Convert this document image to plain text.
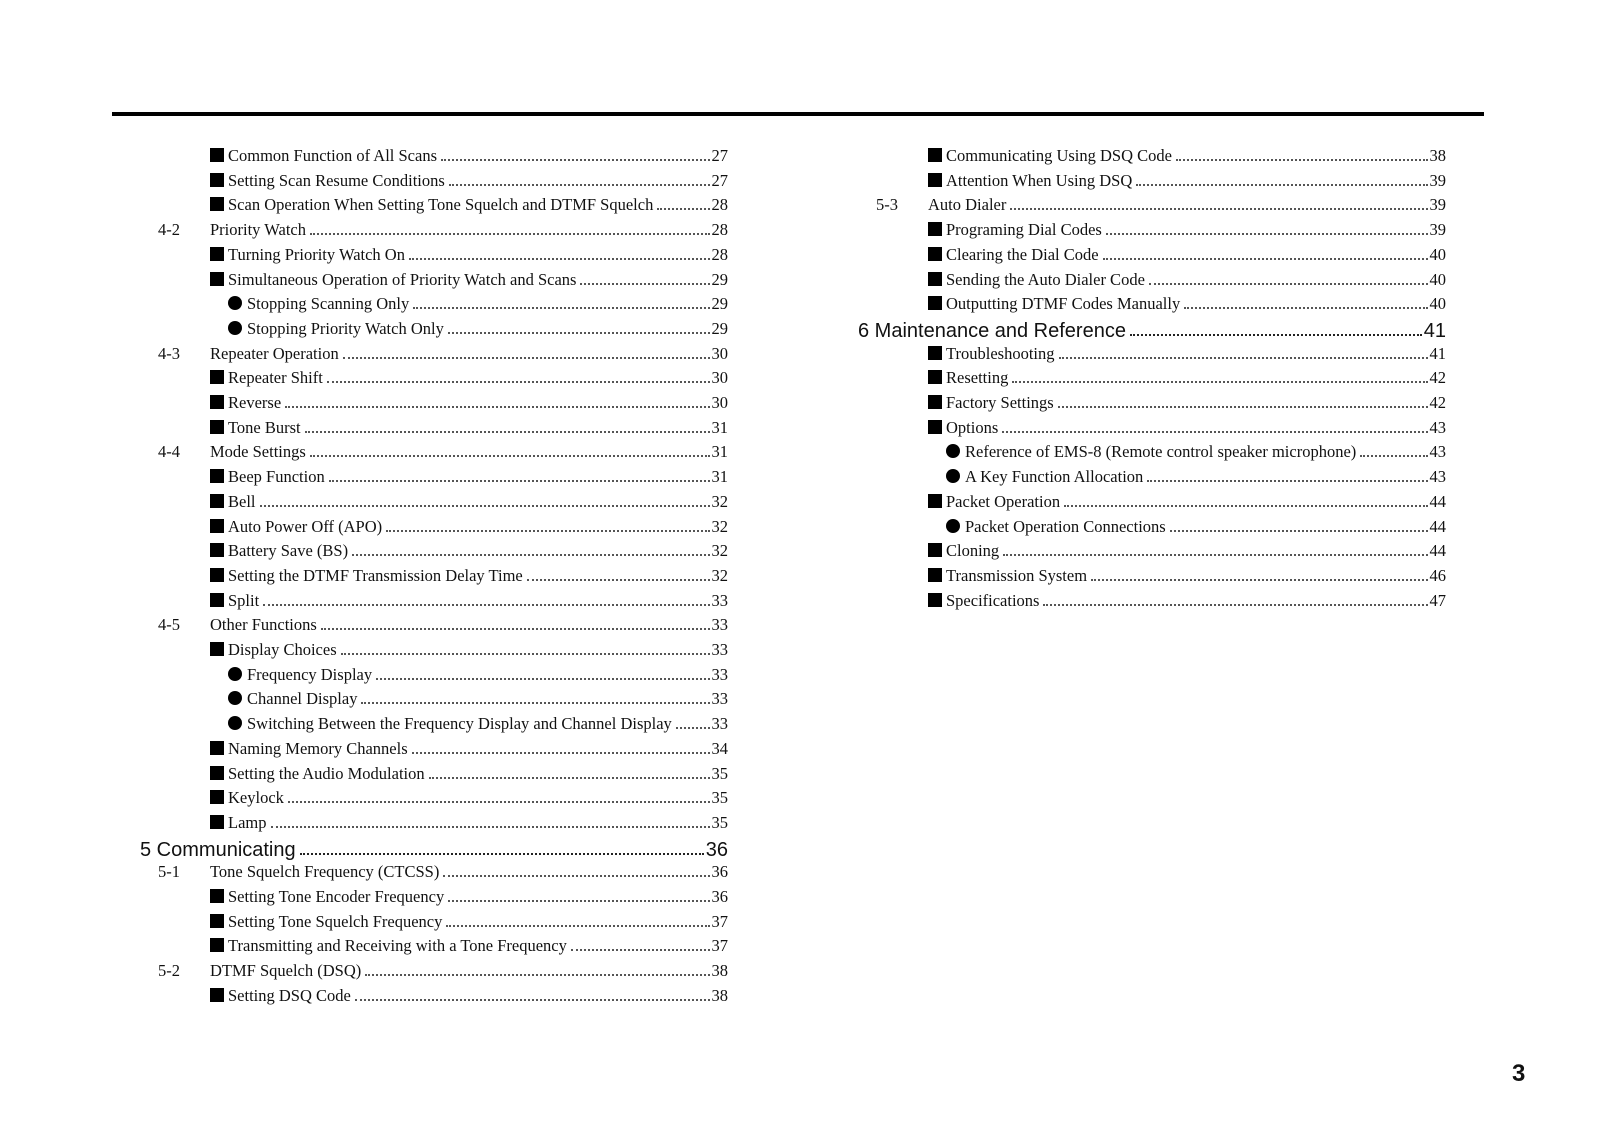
Common Function of All Scans	27
Setting Scan Resume Conditions	27
Scan Operation When Setting Tone Squelch and DTMF Squelch	28
4-2	Priority Watch	28
Turning Priority Watch On	28
Simultaneous Operation of Priority Watch and Scans	29
Stopping Scanning Only	29
Stopping Priority Watch Only	29
4-3	Repeater Operation	30
Repeater Shift	30
Reverse	30
Tone Burst	31
4-4	Mode Settings	31
Beep Function	31
Bell	32
Auto Power Off (APO)	32
Battery Save (BS)	32
Setting the DTMF Transmission Delay Time	32
Split	33
4-5	Other Functions	33
Display Choices	33
Frequency Display	33
Channel Display	33
Switching Between the Frequency Display and Channel Display 33
Naming Memory Channels	34
Setting the Audio Modulation	35
Keylock	35
Lamp	35
5 Communicating	36
5-1	Tone Squelch Frequency (CTCSS)	36
Setting Tone Encoder Frequency	36
Setting Tone Squelch Frequency	37
Transmitting and Receiving with a Tone Frequency	37
5-2	DTMF Squelch (DSQ)	38
Setting DSQ Code	38
Communicating Using DSQ Code	38
Attention When Using DSQ	39
5-3	Auto Dialer	39
Programing Dial Codes	39
Clearing the Dial Code	40
Sending the Auto Dialer Code	40
Outputting DTMF Codes Manually	40
6 Maintenance and Reference	41
Troubleshooting	41
Resetting	42
Factory Settings	42
Options	43
Reference of EMS-8 (Remote control speaker microphone)	43
A Key Function Allocation	43
Packet Operation	44
Packet Operation Connections	44
Cloning	44
Transmission System	46
Specifications	47
3
